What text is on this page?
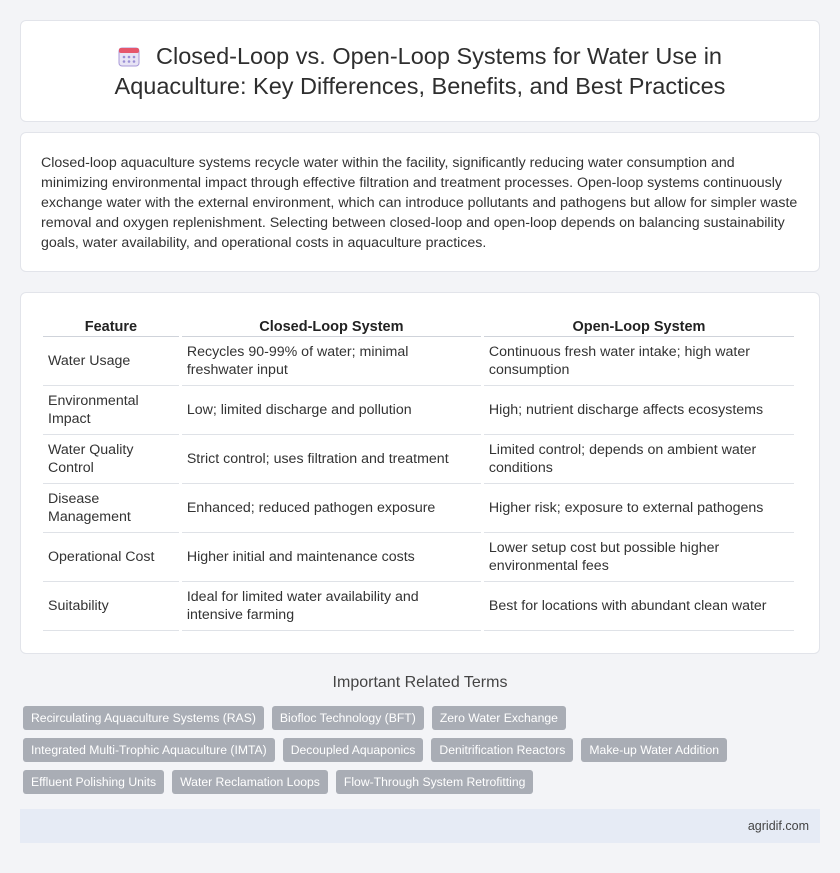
Closed-Loop vs. Open-Loop Systems for Water Use in Aquaculture: Key Differences, Benefits, and Best Practices

Closed-loop aquaculture systems recycle water within the facility, significantly reducing water consumption and minimizing environmental impact through effective filtration and treatment processes. Open-loop systems continuously exchange water with the external environment, which can introduce pollutants and pathogens but allow for simpler waste removal and oxygen replenishment. Selecting between closed-loop and open-loop depends on balancing sustainability goals, water availability, and operational costs in aquaculture practices.

Feature	Closed-Loop System	Open-Loop System
Water Usage	Recycles 90-99% of water; minimal freshwater input	Continuous fresh water intake; high water consumption
Environmental Impact	Low; limited discharge and pollution	High; nutrient discharge affects ecosystems
Water Quality Control	Strict control; uses filtration and treatment	Limited control; depends on ambient water conditions
Disease Management	Enhanced; reduced pathogen exposure	Higher risk; exposure to external pathogens
Operational Cost	Higher initial and maintenance costs	Lower setup cost but possible higher environmental fees
Suitability	Ideal for limited water availability and intensive farming	Best for locations with abundant clean water
Important Related Terms
Recirculating Aquaculture Systems (RAS)	Biofloc Technology (BFT)	Zero Water Exchange
Integrated Multi-Trophic Aquaculture (IMTA)	Decoupled Aquaponics	Denitrification Reactors	Make-up Water Addition
Effluent Polishing Units	Water Reclamation Loops	Flow-Through System Retrofitting
agridif.com
